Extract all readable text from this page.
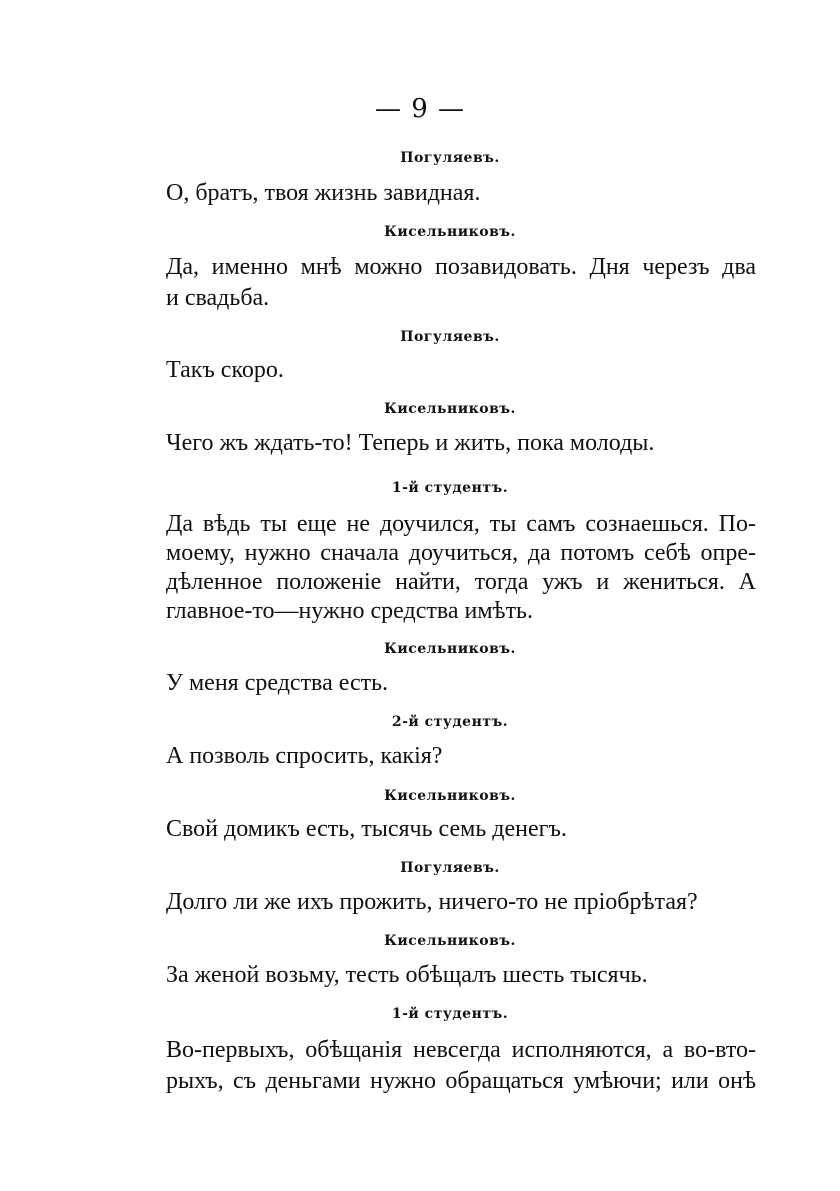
— 9 —
Погуляевъ.
О, братъ, твоя жизнь завидная.
Кисельниковъ.
Да, именно мнѣ можно позавидовать. Дня черезъ два
и свадьба.
Погуляевъ.
Такъ скоро.
Кисельниковъ.
Чего жъ ждать-то! Теперь и жить, пока молоды.
1-й студентъ.
Да вѣдь ты еще не доучился, ты самъ сознаешься. По-
моему, нужно сначала доучиться, да потомъ себѣ опре-
дѣленное положеніе найти, тогда ужъ и жениться. А
главное-то—нужно средства имѣть.
Кисельниковъ.
У меня средства есть.
2-й студентъ.
А позволь спросить, какія?
Кисельниковъ.
Свой домикъ есть, тысячь семь денегъ.
Погуляевъ.
Долго ли же ихъ прожить, ничего-то не пріобрѣтая?
Кисельниковъ.
За женой возьму, тесть обѣщалъ шесть тысячь.
1-й студентъ.
Во-первыхъ, обѣщанія невсегда исполняются, а во-вто-
рыхъ, съ деньгами нужно обращаться умѣючи; или онѣ
